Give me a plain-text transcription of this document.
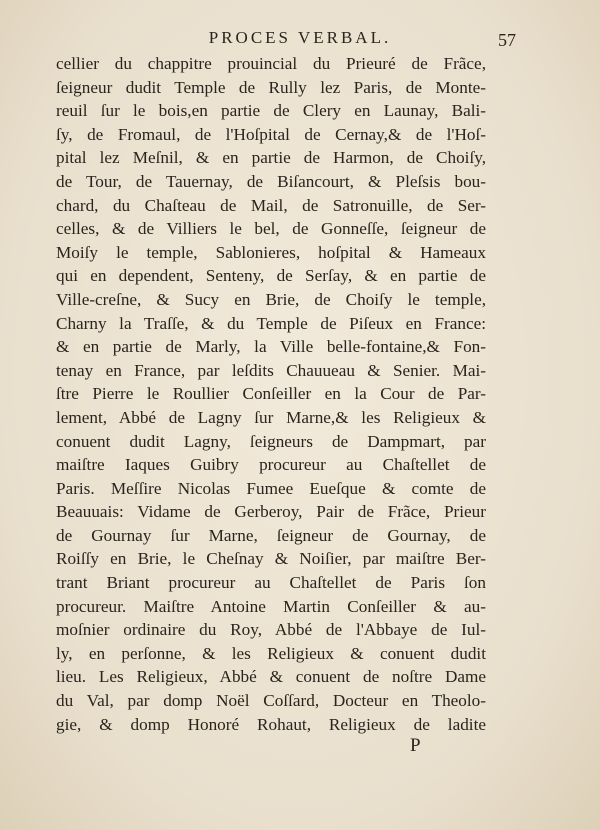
PROCES VERBAL.	57
cellier du chappitre prouincial du Prieuré de Frãce,
ſeigneur dudit Temple de Rully lez Paris, de Monte-
reuil ſur le bois,en partie de Clery en Launay, Bali-
ſy, de Fromaul, de l'Hoſpital de Cernay,& de l'Hoſ-
pital lez Meſnil, & en partie de Harmon, de Choiſy,
de Tour, de Tauernay, de Biſancourt, & Pleſsis bou-
chard, du Chaſteau de Mail, de Satronuille, de Ser-
celles, & de Villiers le bel, de Gonneſſe, ſeigneur de
Moiſy le temple, Sablonieres, hoſpital & Hameaux
qui en dependent, Senteny, de Serſay, & en partie de
Ville-creſne, & Sucy en Brie, de Choiſy le temple,
Charny la Traſſe, & du Temple de Piſeux en France:
& en partie de Marly, la Ville belle-fontaine,& Fon-
tenay en France, par leſdits Chauueau & Senier. Mai-
ſtre Pierre le Roullier Conſeiller en la Cour de Par-
lement, Abbé de Lagny ſur Marne,& les Religieux &
conuent dudit Lagny, ſeigneurs de Dampmart, par
maiſtre Iaques Guibry procureur au Chaſtellet de
Paris. Meſſire Nicolas Fumee Eueſque & comte de
Beauuais: Vidame de Gerberoy, Pair de Frãce, Prieur
de Gournay ſur Marne, ſeigneur de Gournay, de
Roiſſy en Brie, le Cheſnay & Noiſier, par maiſtre Ber-
trant Briant procureur au Chaſtellet de Paris ſon
procureur. Maiſtre Antoine Martin Conſeiller & au-
moſnier ordinaire du Roy, Abbé de l'Abbaye de Iul-
ly, en perſonne, & les Religieux & conuent dudit
lieu. Les Religieux, Abbé & conuent de noſtre Dame
du Val, par domp Noël Coſſard, Docteur en Theolo-
gie, & domp Honoré Rohaut, Religieux de ladite
P
